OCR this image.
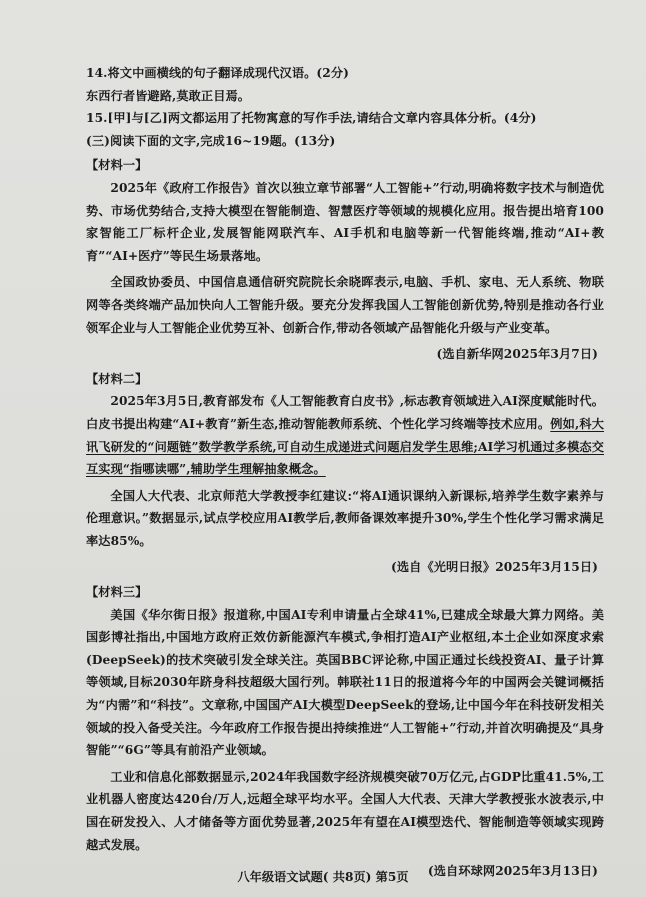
14.将文中画横线的句子翻译成现代汉语。(2分)
东西行者皆避路,莫敢正目焉。
15.[甲]与[乙]两文都运用了托物寓意的写作手法,请结合文章内容具体分析。(4分)
(三)阅读下面的文字,完成16~19题。(13分)
【材料一】
2025年《政府工作报告》首次以独立章节部署“人工智能+”行动,明确将数字技术与制造优势、市场优势结合,支持大模型在智能制造、智慧医疗等领域的规模化应用。报告提出培育100家智能工厂标杆企业,发展智能网联汽车、AI手机和电脑等新一代智能终端,推动“AI+教育”“AI+医疗”等民生场景落地。
全国政协委员、中国信息通信研究院院长余晓晖表示,电脑、手机、家电、无人系统、物联网等各类终端产品加快向人工智能升级。要充分发挥我国人工智能创新优势,特别是推动各行业领军企业与人工智能企业优势互补、创新合作,带动各领域产品智能化升级与产业变革。
(选自新华网2025年3月7日)
【材料二】
2025年3月5日,教育部发布《人工智能教育白皮书》,标志教育领域进入AI深度赋能时代。白皮书提出构建“AI+教育”新生态,推动智能教师系统、个性化学习终端等技术应用。例如,科大讯飞研发的“问题链”数学教学系统,可自动生成递进式问题启发学生思维;AI学习机通过多模态交互实现“指哪读哪”,辅助学生理解抽象概念。
全国人大代表、北京师范大学教授李红建议:“将AI通识课纳入新课标,培养学生数字素养与伦理意识。”数据显示,试点学校应用AI教学后,教师备课效率提升30%,学生个性化学习需求满足率达85%。
(选自《光明日报》2025年3月15日)
【材料三】
美国《华尔街日报》报道称,中国AI专利申请量占全球41%,已建成全球最大算力网络。美国彭博社指出,中国地方政府正效仿新能源汽车模式,争相打造AI产业枢纽,本土企业如深度求索(DeepSeek)的技术突破引发全球关注。英国BBC评论称,中国正通过长线投资AI、量子计算等领域,目标2030年跻身科技超级大国行列。韩联社11日的报道将今年的中国两会关键词概括为“内需”和“科技”。文章称,中国国产AI大模型DeepSeek的登场,让中国今年在科技研发相关领域的投入备受关注。今年政府工作报告提出持续推进“人工智能+”行动,并首次明确提及“具身智能”“6G”等具有前沿产业领域。
工业和信息化部数据显示,2024年我国数字经济规模突破70万亿元,占GDP比重41.5%,工业机器人密度达420台/万人,远超全球平均水平。全国人大代表、天津大学教授张水波表示,中国在研发投入、人才储备等方面优势显著,2025年有望在AI模型迭代、智能制造等领域实现跨越式发展。
(选自环球网2025年3月13日)
八年级语文试题( 共8页) 第5页
